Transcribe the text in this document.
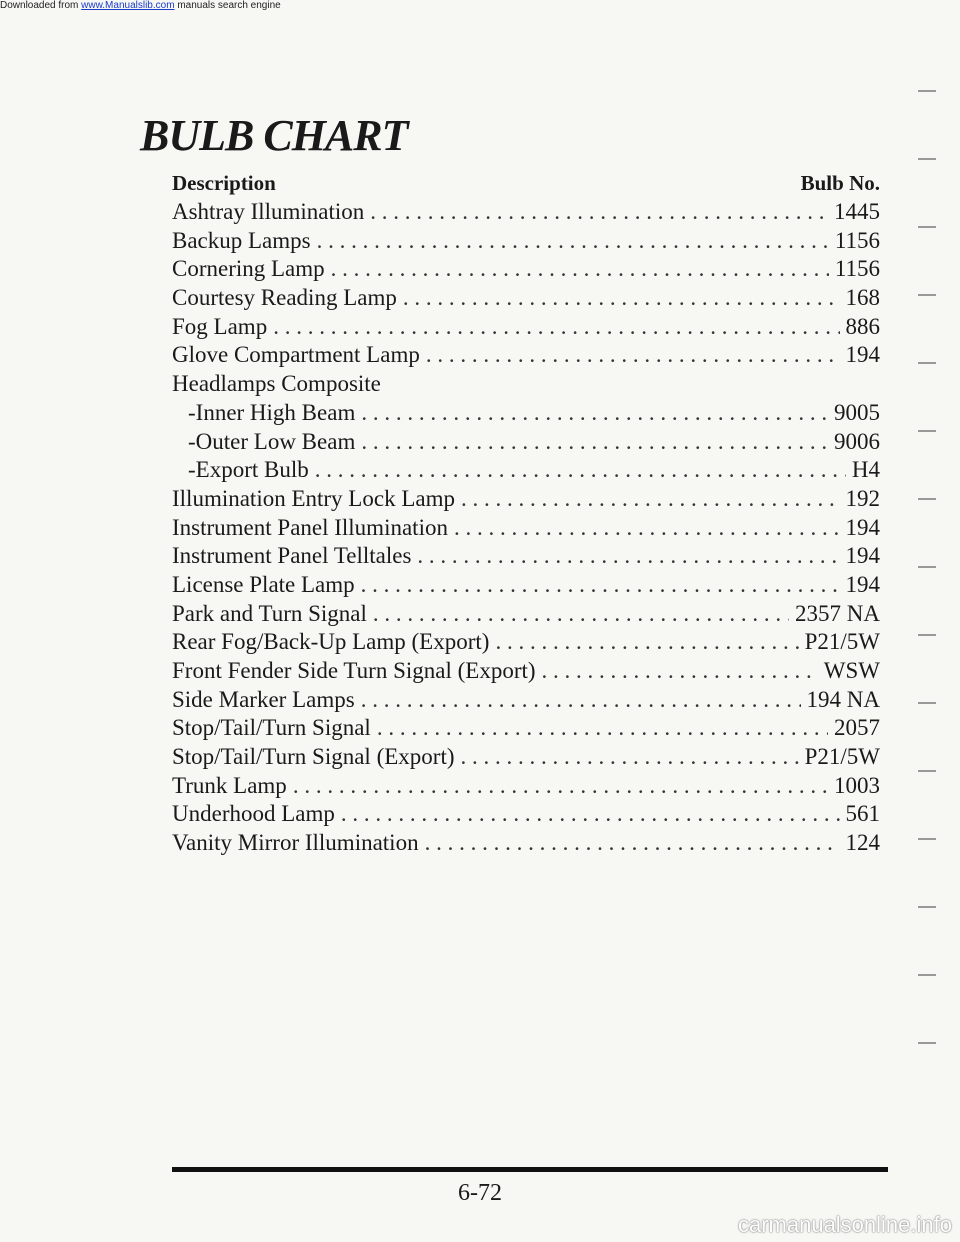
Downloaded from www.Manualslib.com manuals search engine
BULB CHART
Description	Bulb No.
Ashtray Illumination . . .	1445
Backup Lamps . . .	1156
Cornering Lamp . . .	1156
Courtesy Reading Lamp . . .	168
Fog Lamp . . .	886
Glove Compartment Lamp . . .	194
Headlamps Composite
-Inner High Beam . . .	9005
-Outer Low Beam . . .	9006
-Export Bulb . . .	H4
Illumination Entry Lock Lamp . . .	192
Instrument Panel Illumination . . .	194
Instrument Panel Telltales . . .	194
License Plate Lamp . . .	194
Park and Turn Signal . . .	2357 NA
Rear Fog/Back-Up Lamp (Export) . . .	P21/5W
Front Fender Side Turn Signal (Export) . . .	WSW
Side Marker Lamps . . .	194 NA
Stop/Tail/Turn Signal . . .	2057
Stop/Tail/Turn Signal (Export) . . .	P21/5W
Trunk Lamp . . .	1003
Underhood Lamp . . .	561
Vanity Mirror Illumination . . .	124
6-72
carmanualsonline.info
